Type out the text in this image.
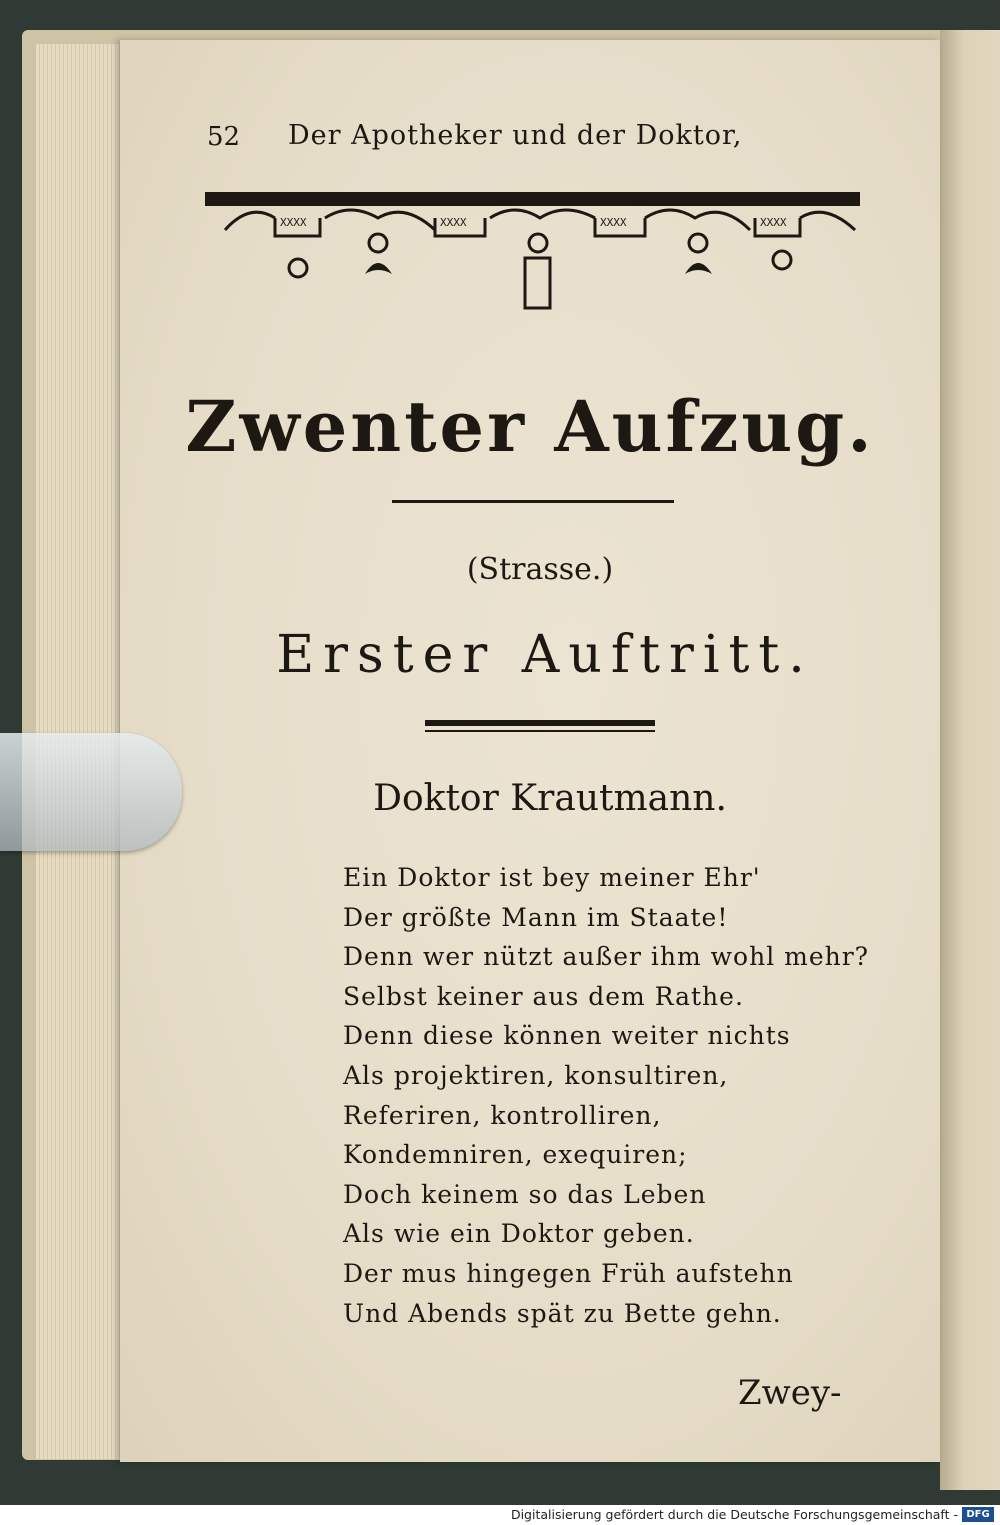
52 Der Apotheker und der Doktor,
XXXX	XXXX	XXXX	XXXX
Zwenter Aufzug.
(Strasse.)
Erster Auftritt.
Doktor Krautmann.
Ein Doktor ist bey meiner Ehr'
Der größte Mann im Staate!
Denn wer nützt außer ihm wohl mehr?
Selbst keiner aus dem Rathe.
Denn diese können weiter nichts
Als projektiren, konsultiren,
Referiren, kontrolliren,
Kondemniren, exequiren;
Doch keinem so das Leben
Als wie ein Doktor geben.
Der mus hingegen Früh aufstehn
Und Abends spät zu Bette gehn.
Zwey-
Digitalisierung gefördert durch die Deutsche Forschungsgemeinschaft - DFG
